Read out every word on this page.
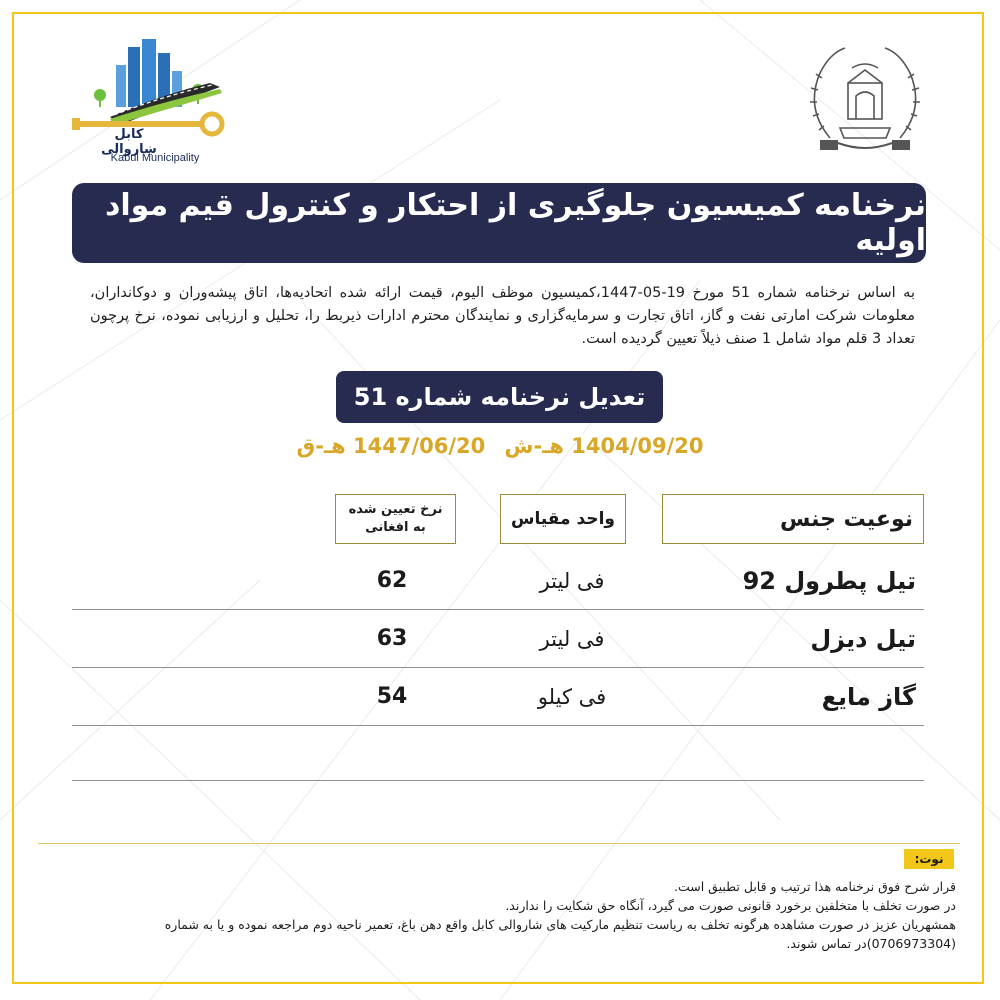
کابل ښاروالی
Kabul Municipality
نرخنامه کمیسیون جلوگیری از احتکار و کنترول قیم مواد اولیه
به اساس نرخنامه شماره 51 مورخ 19-05-1447،کمیسیون موظف الیوم، قیمت ارائه شده اتحادیه‌ها، اتاق پیشه‌وران و دوکانداران، معلومات شرکت امارتی نفت و گاز، اتاق تجارت و سرمایه‌گزاری و نمایندگان محترم ادارات ذیربط را، تحلیل و ارزیابی نموده، نرخ پرچون تعداد 3 قلم مواد شامل 1 صنف ذیلاً تعیین گردیده است.
تعدیل نرخنامه شماره 51
1404/09/20 هـ-ش 1447/06/20 هـ-ق
نوعیت جنس
واحد مقیاس
نرخ تعیین شده
به افغانی
تیل پطرول 92
فی لیتر
62
تیل دیزل
فی لیتر
63
گاز مایع
فی کیلو
54
نوت:
قرار شرح فوق نرخنامه هذا ترتیب و قابل تطبیق است.
در صورت تخلف با متخلفین برخورد قانونی صورت می گیرد، آنگاه حق شکایت را ندارند.
همشهریان عزیز در صورت مشاهده هرگونه تخلف به ریاست تنظیم مارکیت های شاروالی کابل واقع دهن باغ، تعمیر ناحیه دوم مراجعه نموده و یا به شماره (0706973304)در تماس شوند.
